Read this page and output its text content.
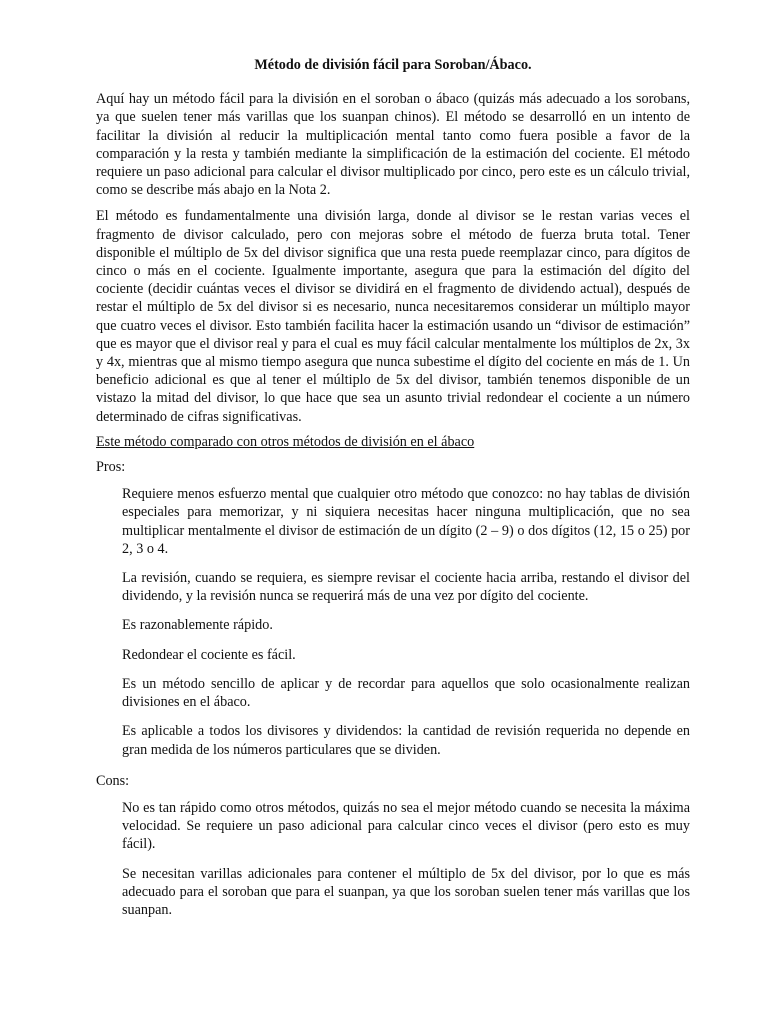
Método de división fácil para Soroban/Ábaco.

Aquí hay un método fácil para la división en el soroban o ábaco (quizás más adecuado a los sorobans, ya que suelen tener más varillas que los suanpan chinos). El método se desarrolló en un intento de facilitar la división al reducir la multiplicación mental tanto como fuera posible a favor de la comparación y la resta y también mediante la simplificación de la estimación del cociente. El método requiere un paso adicional para calcular el divisor multiplicado por cinco, pero este es un cálculo trivial, como se describe más abajo en la Nota 2.

El método es fundamentalmente una división larga, donde al divisor se le restan varias veces el fragmento de divisor calculado, pero con mejoras sobre el método de fuerza bruta total. Tener disponible el múltiplo de 5x del divisor significa que una resta puede reemplazar cinco, para dígitos de cinco o más en el cociente. Igualmente importante, asegura que para la estimación del dígito del cociente (decidir cuántas veces el divisor se dividirá en el fragmento de dividendo actual), después de restar el múltiplo de 5x del divisor si es necesario, nunca necesitaremos considerar un múltiplo mayor que cuatro veces el divisor. Esto también facilita hacer la estimación usando un “divisor de estimación” que es mayor que el divisor real y para el cual es muy fácil calcular mentalmente los múltiplos de 2x, 3x y 4x, mientras que al mismo tiempo asegura que nunca subestime el dígito del cociente en más de 1. Un beneficio adicional es que al tener el múltiplo de 5x del divisor, también tenemos disponible de un vistazo la mitad del divisor, lo que hace que sea un asunto trivial redondear el cociente a un número determinado de cifras significativas.

Este método comparado con otros métodos de división en el ábaco

Pros:

Requiere menos esfuerzo mental que cualquier otro método que conozco: no hay tablas de división especiales para memorizar, y ni siquiera necesitas hacer ninguna multiplicación, que no sea multiplicar mentalmente el divisor de estimación de un dígito (2 – 9) o dos dígitos (12, 15 o 25) por 2, 3 o 4.

La revisión, cuando se requiera, es siempre revisar el cociente hacia arriba, restando el divisor del dividendo, y la revisión nunca se requerirá más de una vez por dígito del cociente.

Es razonablemente rápido.

Redondear el cociente es fácil.

Es un método sencillo de aplicar y de recordar para aquellos que solo ocasionalmente realizan divisiones en el ábaco.

Es aplicable a todos los divisores y dividendos: la cantidad de revisión requerida no depende en gran medida de los números particulares que se dividen.

Cons:

No es tan rápido como otros métodos, quizás no sea el mejor método cuando se necesita la máxima velocidad. Se requiere un paso adicional para calcular cinco veces el divisor (pero esto es muy fácil).

Se necesitan varillas adicionales para contener el múltiplo de 5x del divisor, por lo que es más adecuado para el soroban que para el suanpan, ya que los soroban suelen tener más varillas que los suanpan.
